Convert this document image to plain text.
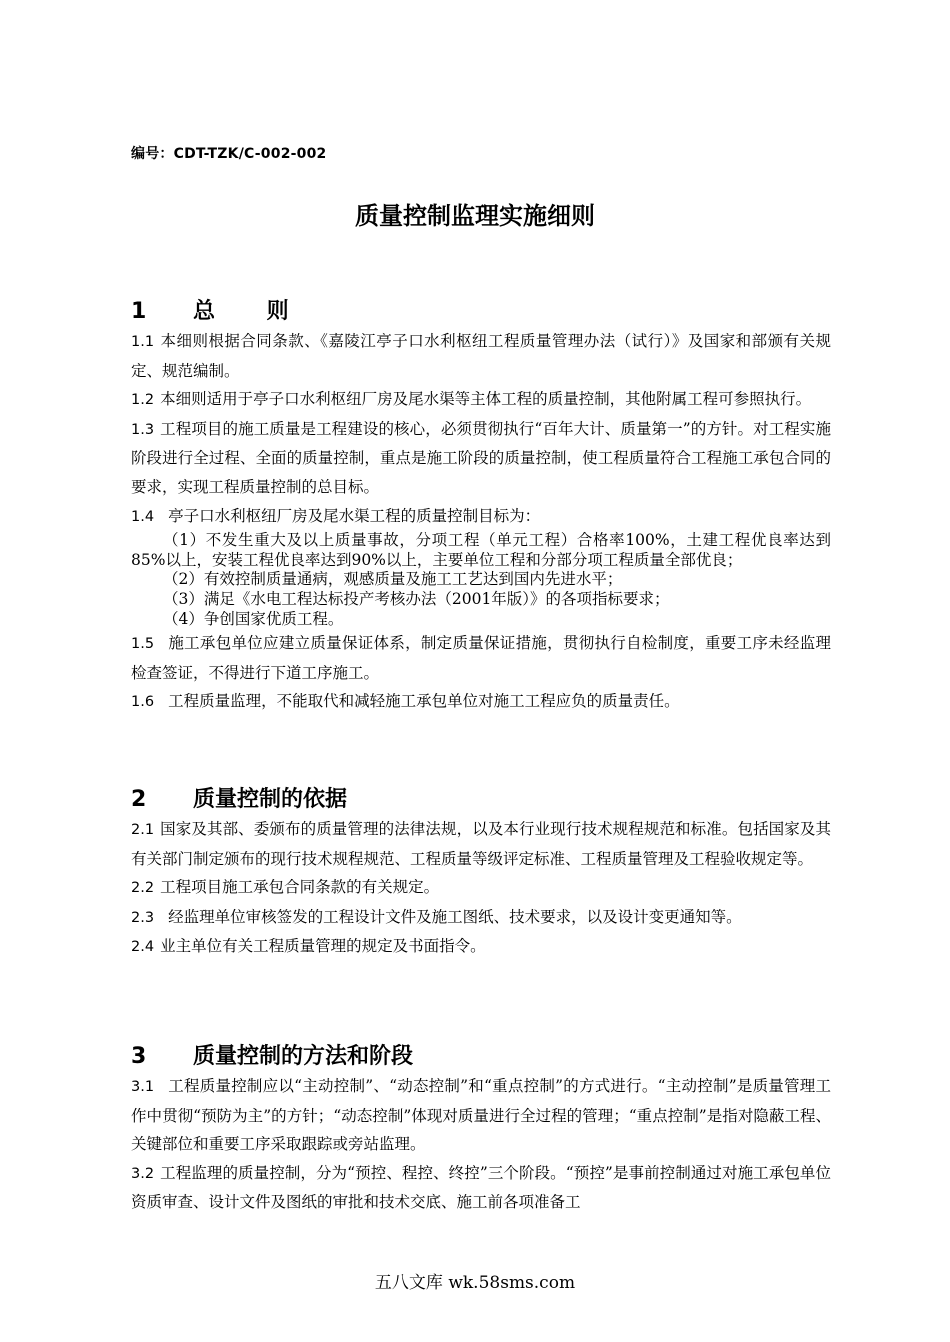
编号：CDT-TZK/C-002-002
质量控制监理实施细则
1 总 则
1.1 本细则根据合同条款、《嘉陵江亭子口水利枢纽工程质量管理办法（试行）》及国家和部颁有关规定、规范编制。
1.2 本细则适用于亭子口水利枢纽厂房及尾水渠等主体工程的质量控制，其他附属工程可参照执行。
1.3 工程项目的施工质量是工程建设的核心，必须贯彻执行“百年大计、质量第一”的方针。对工程实施阶段进行全过程、全面的质量控制，重点是施工阶段的质量控制，使工程质量符合工程施工承包合同的要求，实现工程质量控制的总目标。
1.4 亭子口水利枢纽厂房及尾水渠工程的质量控制目标为：
（1）不发生重大及以上质量事故，分项工程（单元工程）合格率100%，土建工程优良率达到85%以上，安装工程优良率达到90%以上，主要单位工程和分部分项工程质量全部优良；
（2）有效控制质量通病，观感质量及施工工艺达到国内先进水平；
（3）满足《水电工程达标投产考核办法（2001年版）》的各项指标要求；
（4）争创国家优质工程。
1.5 施工承包单位应建立质量保证体系，制定质量保证措施，贯彻执行自检制度，重要工序未经监理检查签证，不得进行下道工序施工。
1.6 工程质量监理，不能取代和减轻施工承包单位对施工工程应负的质量责任。
2 质量控制的依据
2.1 国家及其部、委颁布的质量管理的法律法规，以及本行业现行技术规程规范和标准。包括国家及其有关部门制定颁布的现行技术规程规范、工程质量等级评定标准、工程质量管理及工程验收规定等。
2.2 工程项目施工承包合同条款的有关规定。
2.3 经监理单位审核签发的工程设计文件及施工图纸、技术要求，以及设计变更通知等。
2.4 业主单位有关工程质量管理的规定及书面指令。
3 质量控制的方法和阶段
3.1 工程质量控制应以“主动控制”、“动态控制”和“重点控制”的方式进行。“主动控制”是质量管理工作中贯彻“预防为主”的方针；“动态控制”体现对质量进行全过程的管理；“重点控制”是指对隐蔽工程、关键部位和重要工序采取跟踪或旁站监理。
3.2 工程监理的质量控制，分为“预控、程控、终控”三个阶段。“预控”是事前控制通过对施工承包单位资质审查、设计文件及图纸的审批和技术交底、施工前各项准备工
五八文库 wk.58sms.com
